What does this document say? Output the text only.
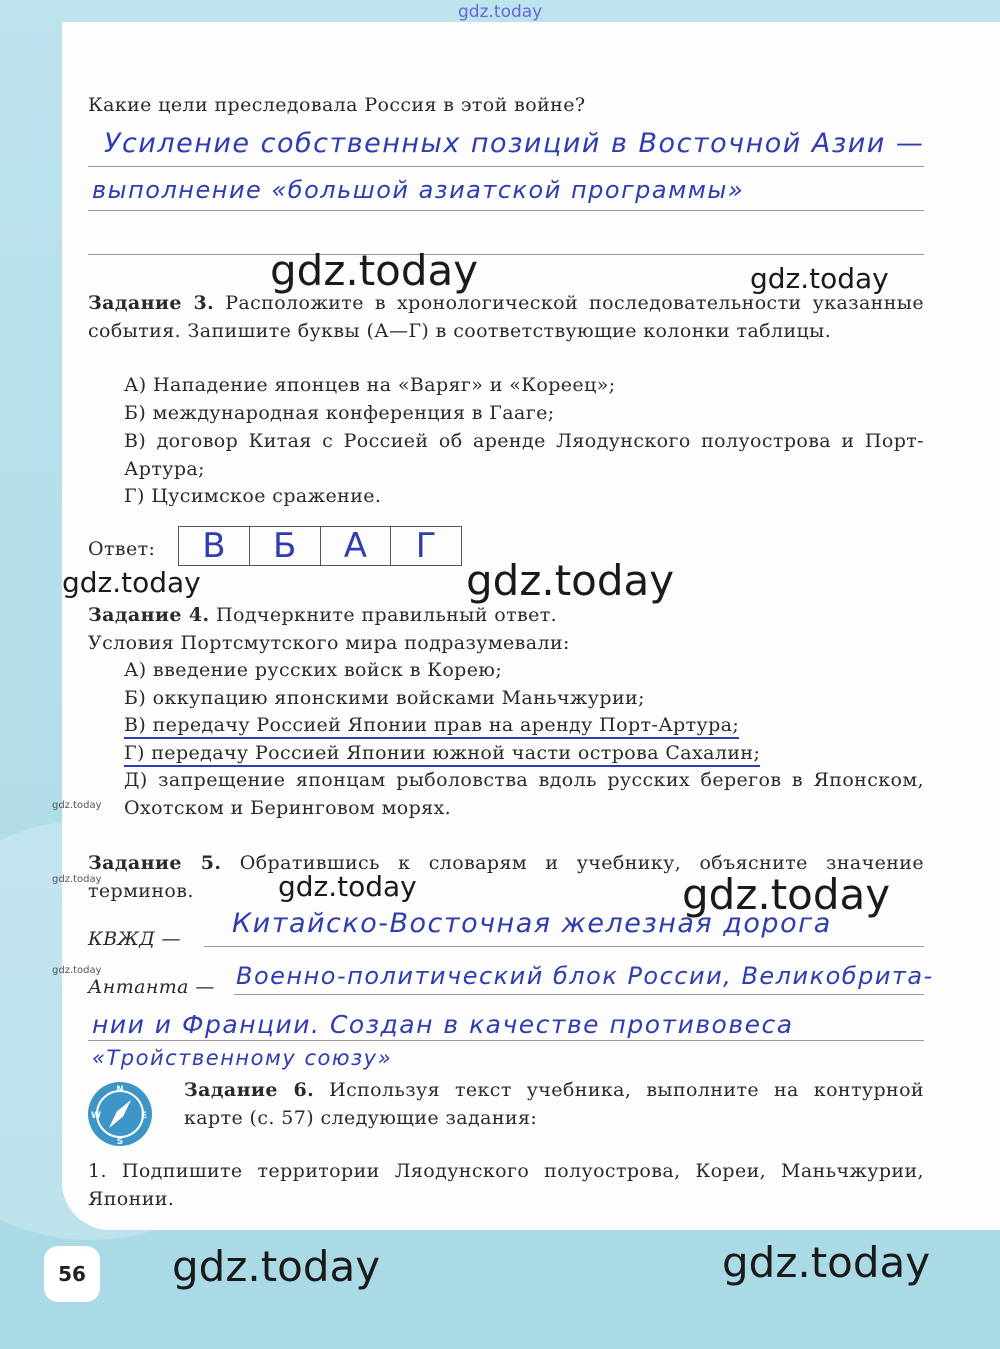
gdz.today
Какие цели преследовала Россия в этой войне?
Усиление собственных позиций в Восточной Азии —
выполнение «большой азиатской программы»
gdz.today	gdz.today
Задание 3. Расположите в хронологической последовательности указанные события. Запишите буквы (А—Г) в соответствующие колонки таблицы.
А) Нападение японцев на «Варяг» и «Кореец»;
Б) международная конференция в Гааге;
В) договор Китая с Россией об аренде Ляодунского полуострова и Порт-Артура;
Г) Цусимское сражение.
Ответ:	В	Б	А	Г
gdz.today	gdz.today
Задание 4. Подчеркните правильный ответ.
Условия Портсмутского мира подразумевали:
А) введение русских войск в Корею;
Б) оккупацию японскими войсками Маньчжурии;
В) передачу Россией Японии прав на аренду Порт-Артура;
Г) передачу Россией Японии южной части острова Сахалин;
Д) запрещение японцам рыболовства вдоль русских берегов в Японском, Охотском и Беринговом морях.
gdz.today
Задание 5. Обратившись к словарям и учебнику, объясните значение терминов.
gdz.today	gdz.today	gdz.today
КВЖД —	Китайско-Восточная железная дорога
gdz.today
Антанта — Военно-политический блок России, Великобрита-
нии и Франции. Создан в качестве противовеса
«Тройственному союзу»
N
W	E
S
Задание 6. Используя текст учебника, выполните на контурной карте (с. 57) следующие задания:
1. Подпишите территории Ляодунского полуострова, Кореи, Маньчжурии, Японии.
56	gdz.today	gdz.today
